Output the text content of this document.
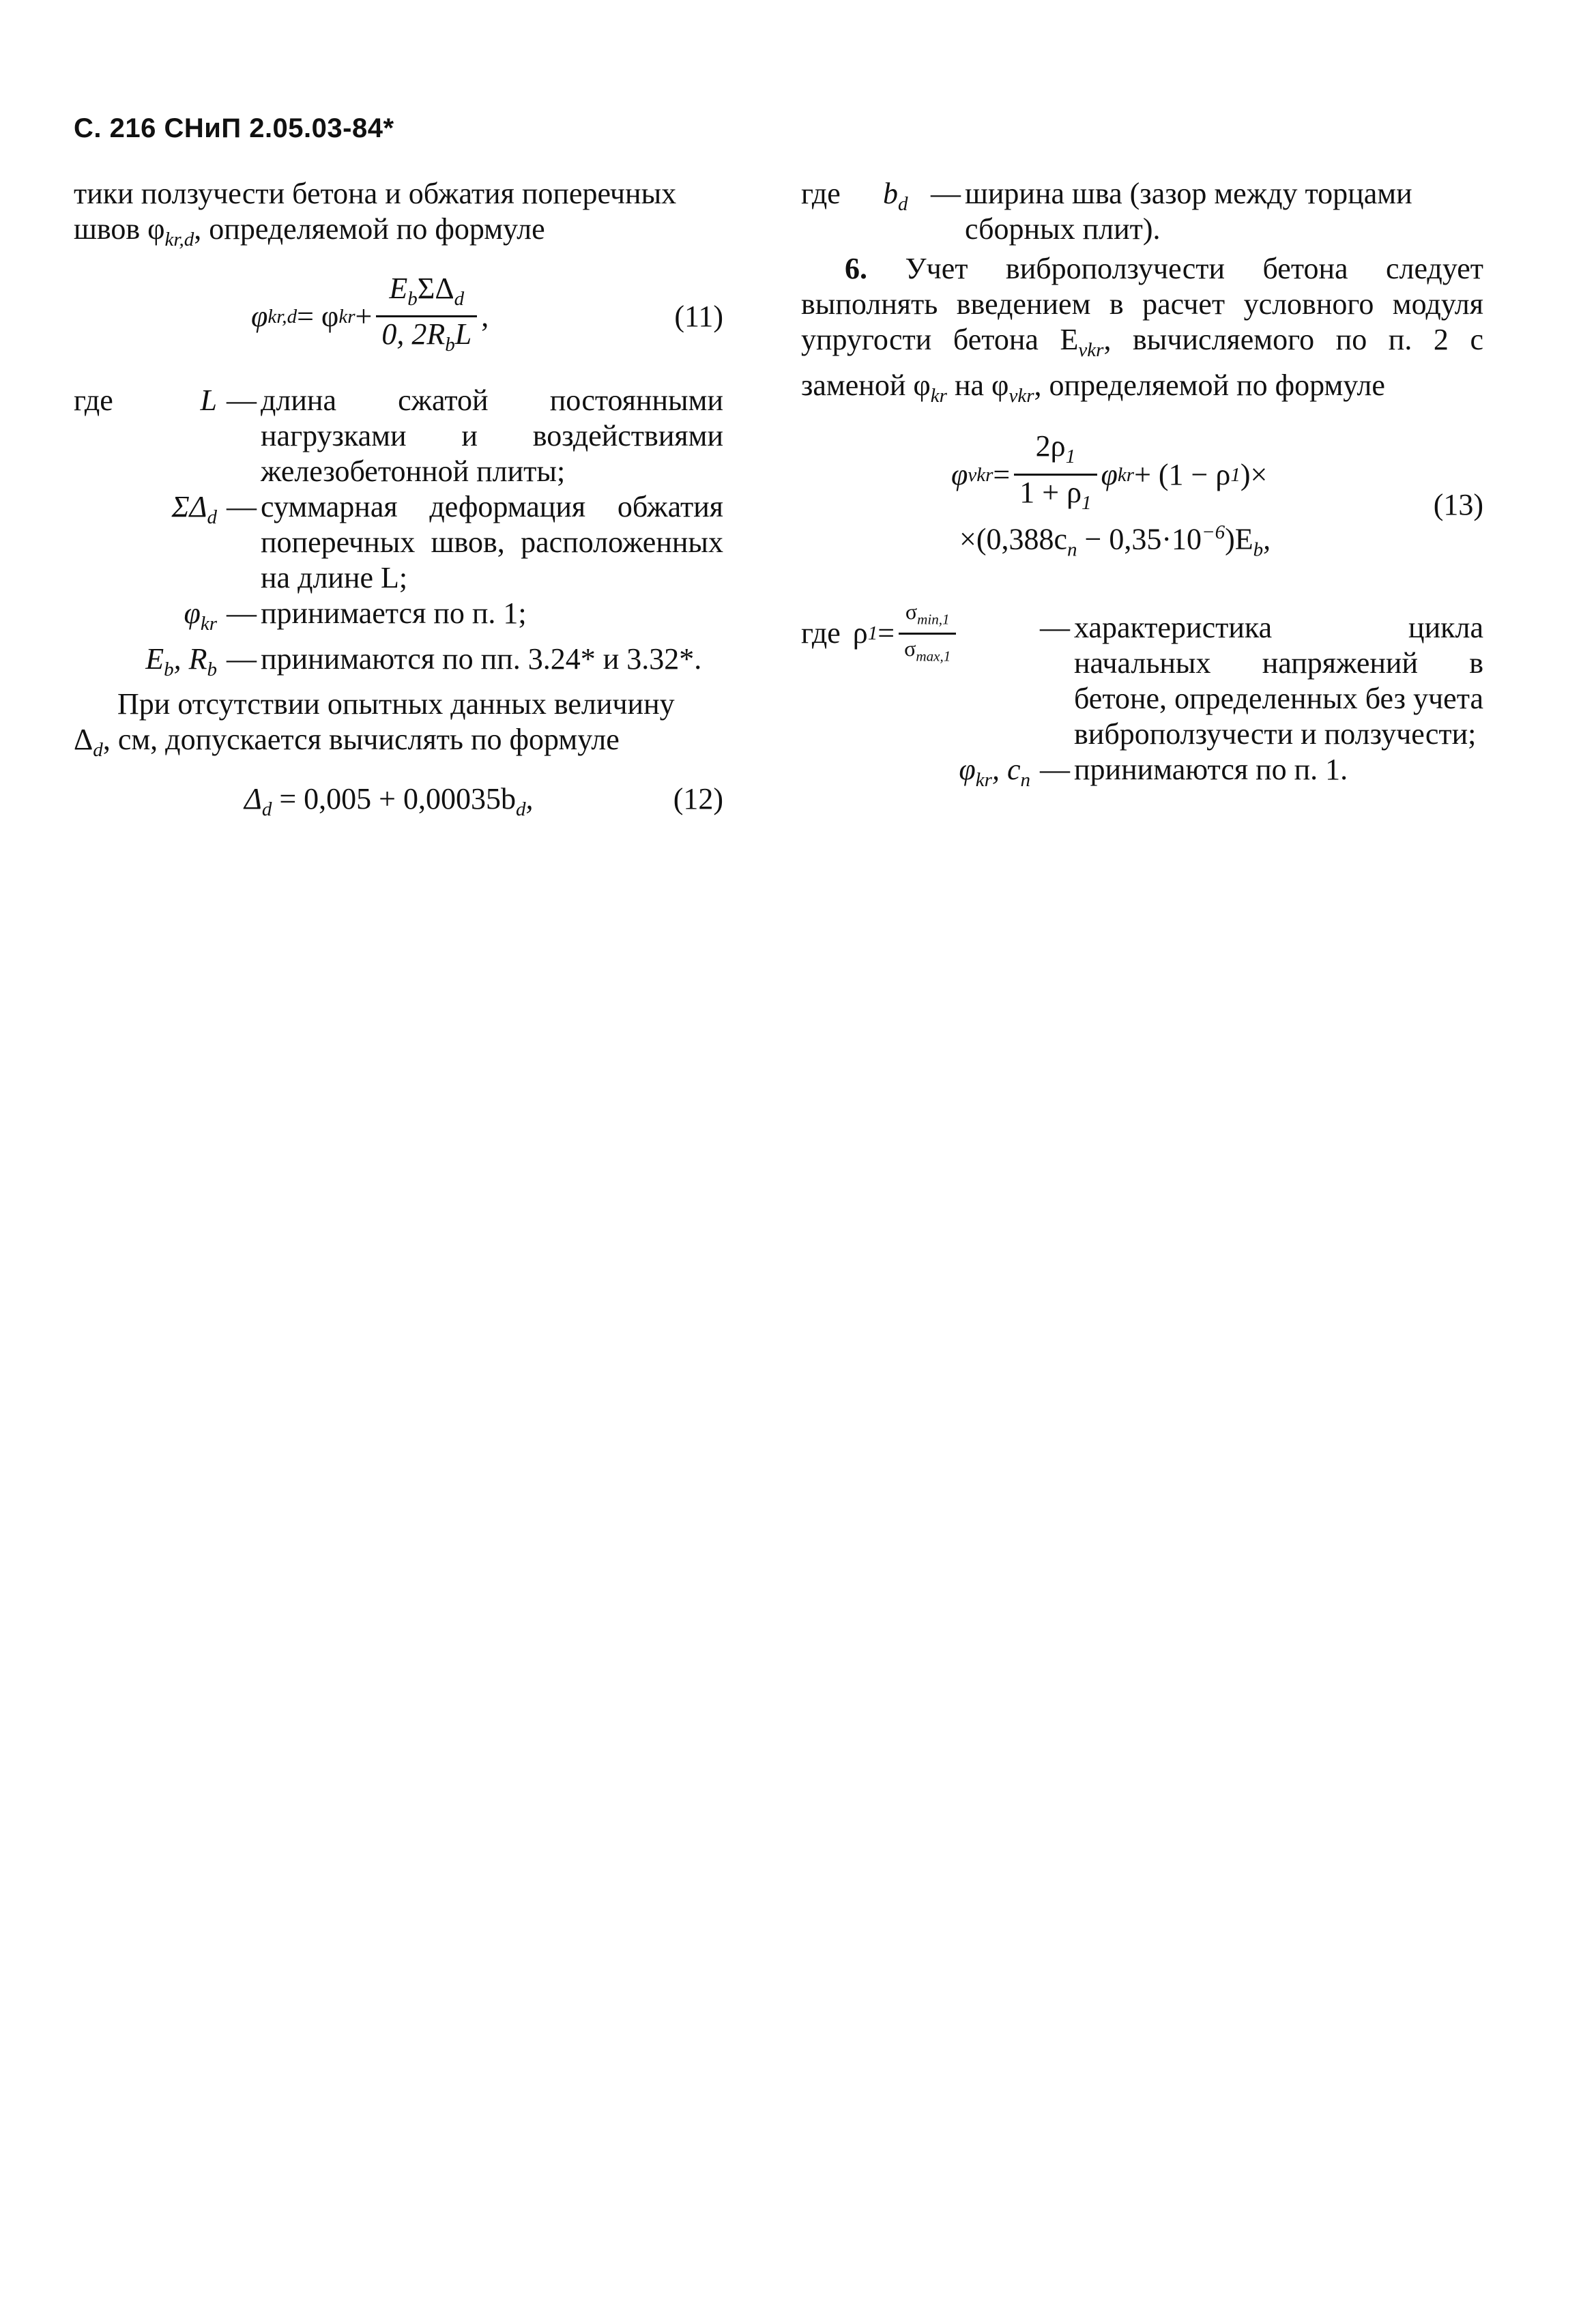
С. 216 СНиП 2.05.03-84*

тики ползучести бетона и обжатия поперечных
швов $\varphi_{kr,d}$, определяемой по формуле

φ kr,d = φ kr + $\frac{E_b\Sigma\Delta_d}{0, 2R_bL}$ ,	(11)
где	L — длина сжатой постоянными нагрузками и воздействиями железобетонной плиты;
$\Sigma\Delta_d$ — суммарная деформация обжатия поперечных швов, расположенных на длине L;
$\varphi_{kr}$ — принимается по п. 1;
$E_b$, $R_b$ — принимаются по пп. 3.24* и 3.32*.

При отсутствии опытных данных величину

$\Delta_d$, см, допускается вычислять по формуле

$\Delta_d = 0,005 + 0,00035b_d$,	(12)
где	$b_d$ — ширина шва (зазор между торцами сборных плит).

6. Учет виброползучести бетона следует выполнять введением в расчет условного модуля упругости бетона $E_{vkr}$, вычисляемого по п. 2 с заменой $\varphi_{kr}$ на $\varphi_{vkr}$, определяемой по формуле

φ vkr = $\frac{2\rho_1}{1 + \rho_1}$ φ kr + (1 − ρ 1 )×
$\times(0,388c_n - 0,35\cdot 10^{-6})E_b$,
(13)
где ρ $1 = \frac{\sigma_{min,1}}{\sigma_{max,1}}$	— характеристика цикла начальных напряжений в бетоне, определенных без учета виброползучести и ползучести;
$\varphi_{kr}$, $c_n$ — принимаются по п. 1.
